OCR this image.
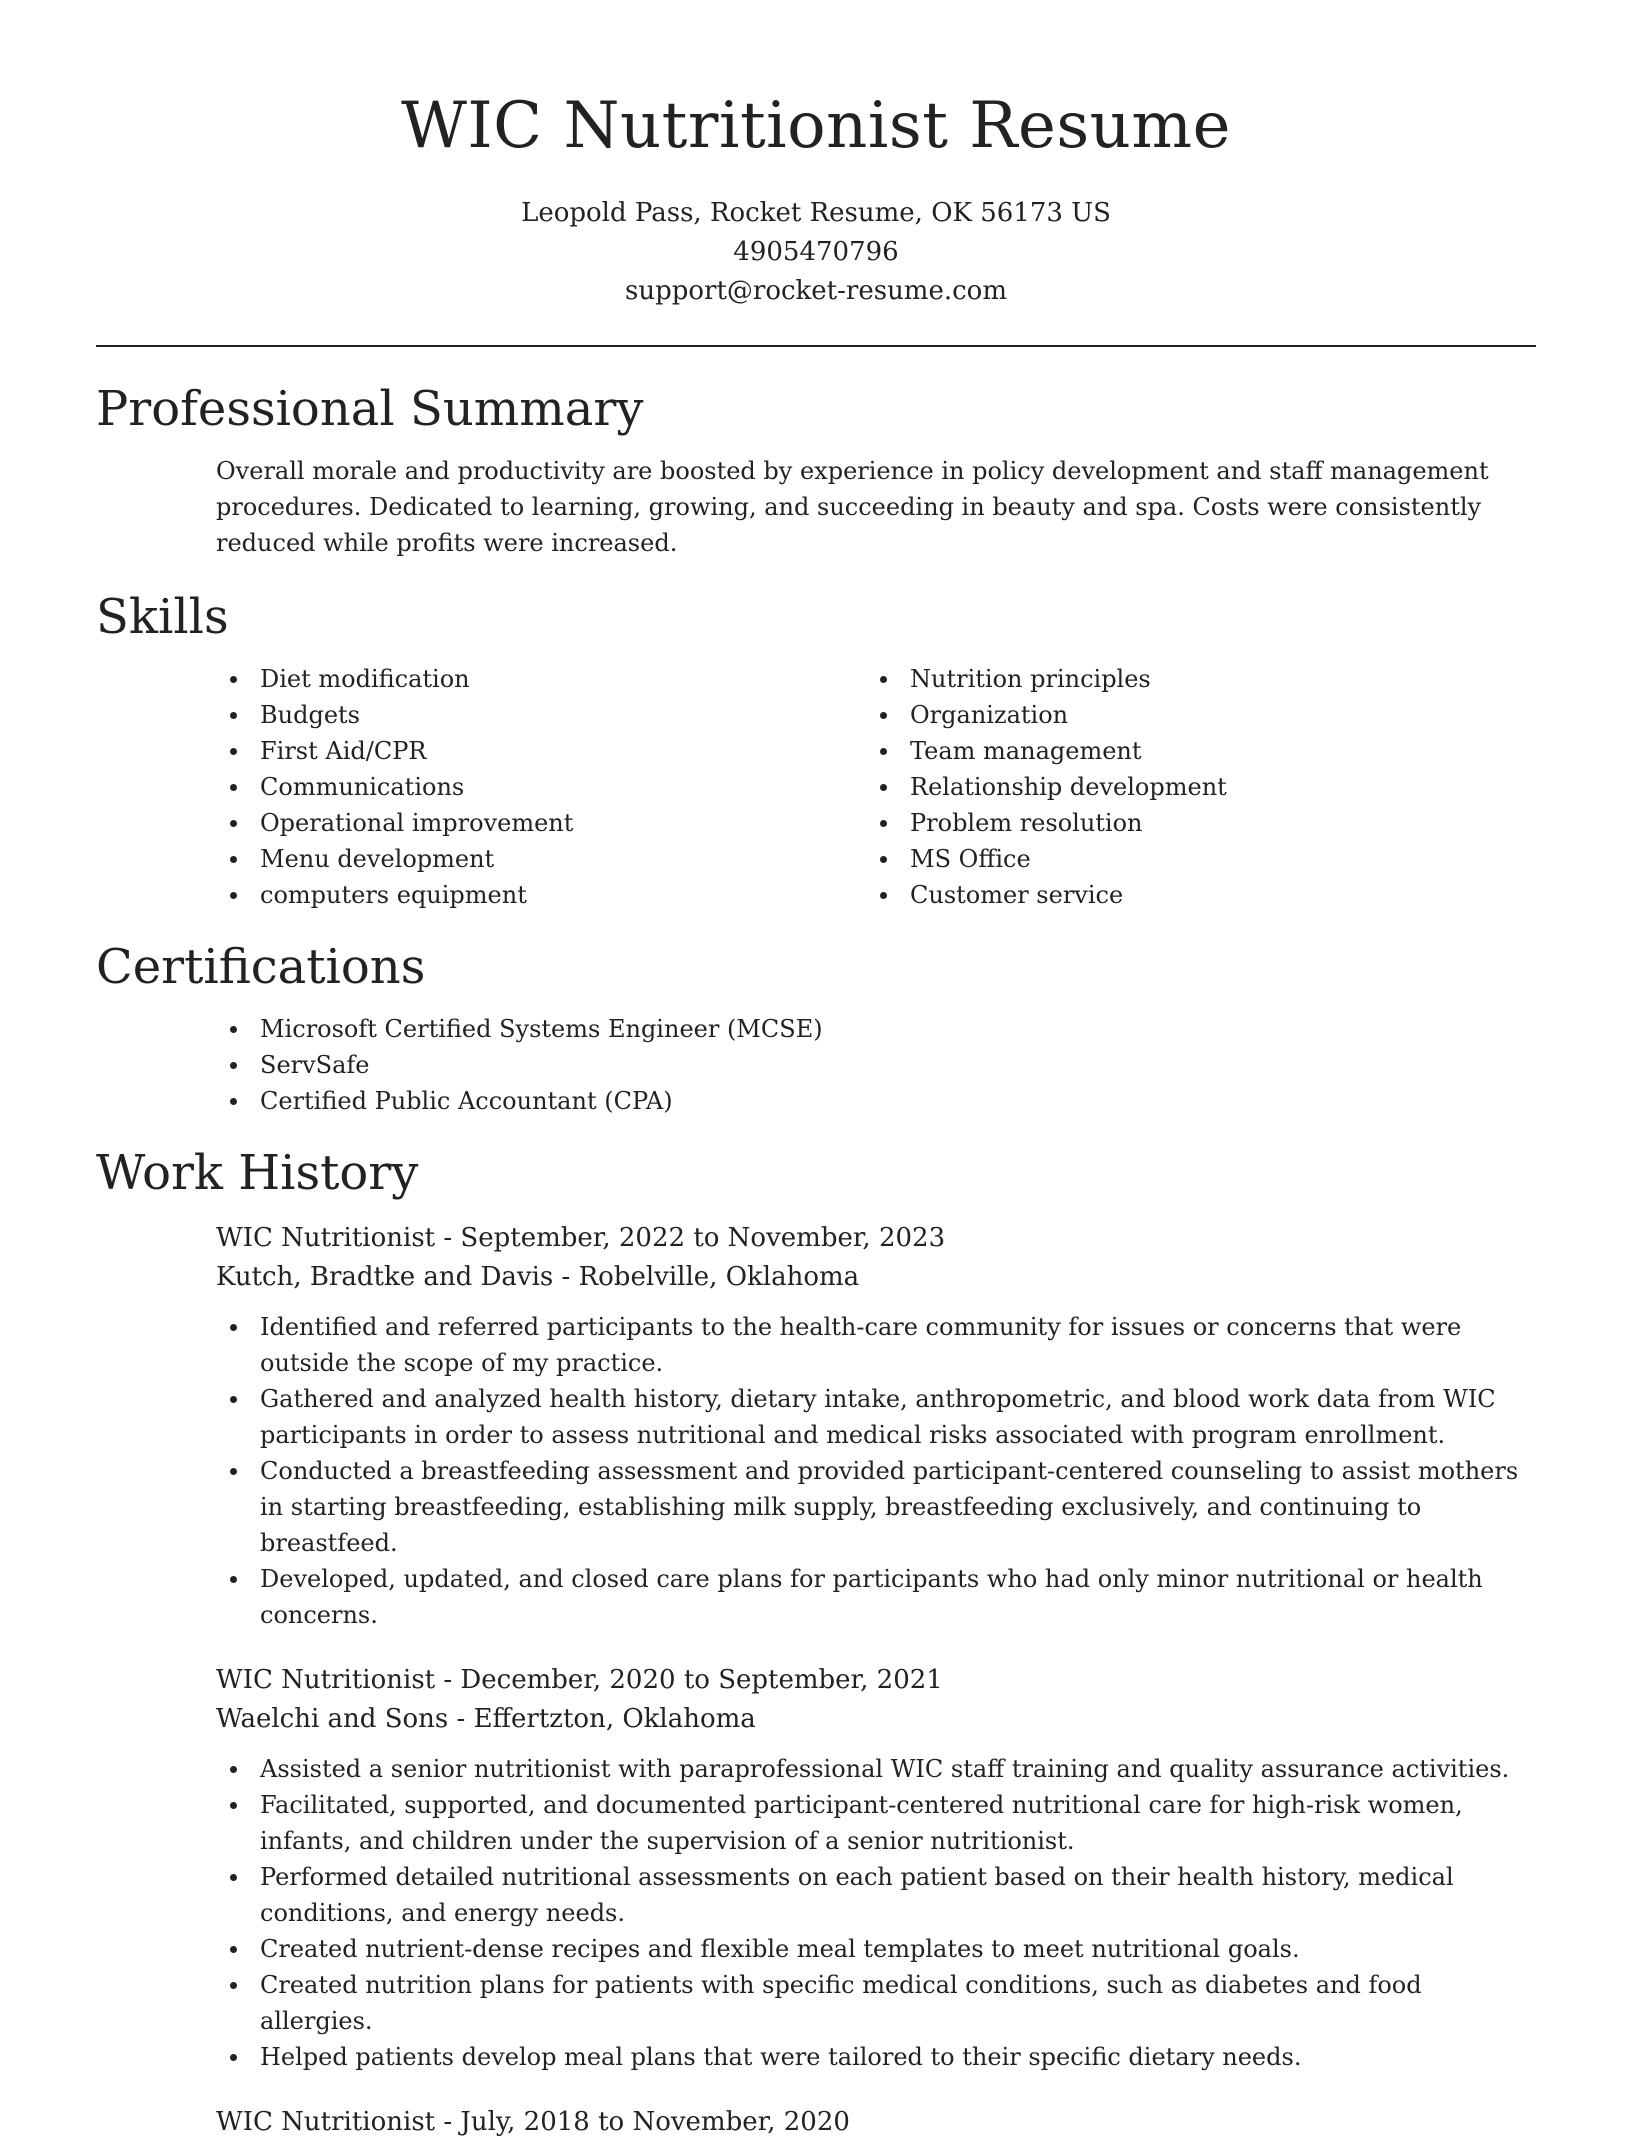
WIC Nutritionist Resume

Leopold Pass, Rocket Resume, OK 56173 US

4905470796

support@rocket-resume.com

Professional Summary

Overall morale and productivity are boosted by experience in policy development and staff management procedures. Dedicated to learning, growing, and succeeding in beauty and spa. Costs were consistently reduced while profits were increased.

Skills
Diet modification
Budgets
First Aid/CPR
Communications
Operational improvement
Menu development
computers equipment
Nutrition principles
Organization
Team management
Relationship development
Problem resolution
MS Office
Customer service
Certifications
Microsoft Certified Systems Engineer (MCSE)
ServSafe
Certified Public Accountant (CPA)
Work History

WIC Nutritionist - September, 2022 to November, 2023

Kutch, Bradtke and Davis - Robelville, Oklahoma

Identified and referred participants to the health-care community for issues or concerns that were outside the scope of my practice.
Gathered and analyzed health history, dietary intake, anthropometric, and blood work data from WIC participants in order to assess nutritional and medical risks associated with program enrollment.
Conducted a breastfeeding assessment and provided participant-centered counseling to assist mothers in starting breastfeeding, establishing milk supply, breastfeeding exclusively, and continuing to breastfeed.
Developed, updated, and closed care plans for participants who had only minor nutritional or health concerns.

WIC Nutritionist - December, 2020 to September, 2021

Waelchi and Sons - Effertzton, Oklahoma

Assisted a senior nutritionist with paraprofessional WIC staff training and quality assurance activities.
Facilitated, supported, and documented participant-centered nutritional care for high-risk women, infants, and children under the supervision of a senior nutritionist.
Performed detailed nutritional assessments on each patient based on their health history, medical conditions, and energy needs.
Created nutrient-dense recipes and flexible meal templates to meet nutritional goals.
Created nutrition plans for patients with specific medical conditions, such as diabetes and food allergies.
Helped patients develop meal plans that were tailored to their specific dietary needs.

WIC Nutritionist - July, 2018 to November, 2020
